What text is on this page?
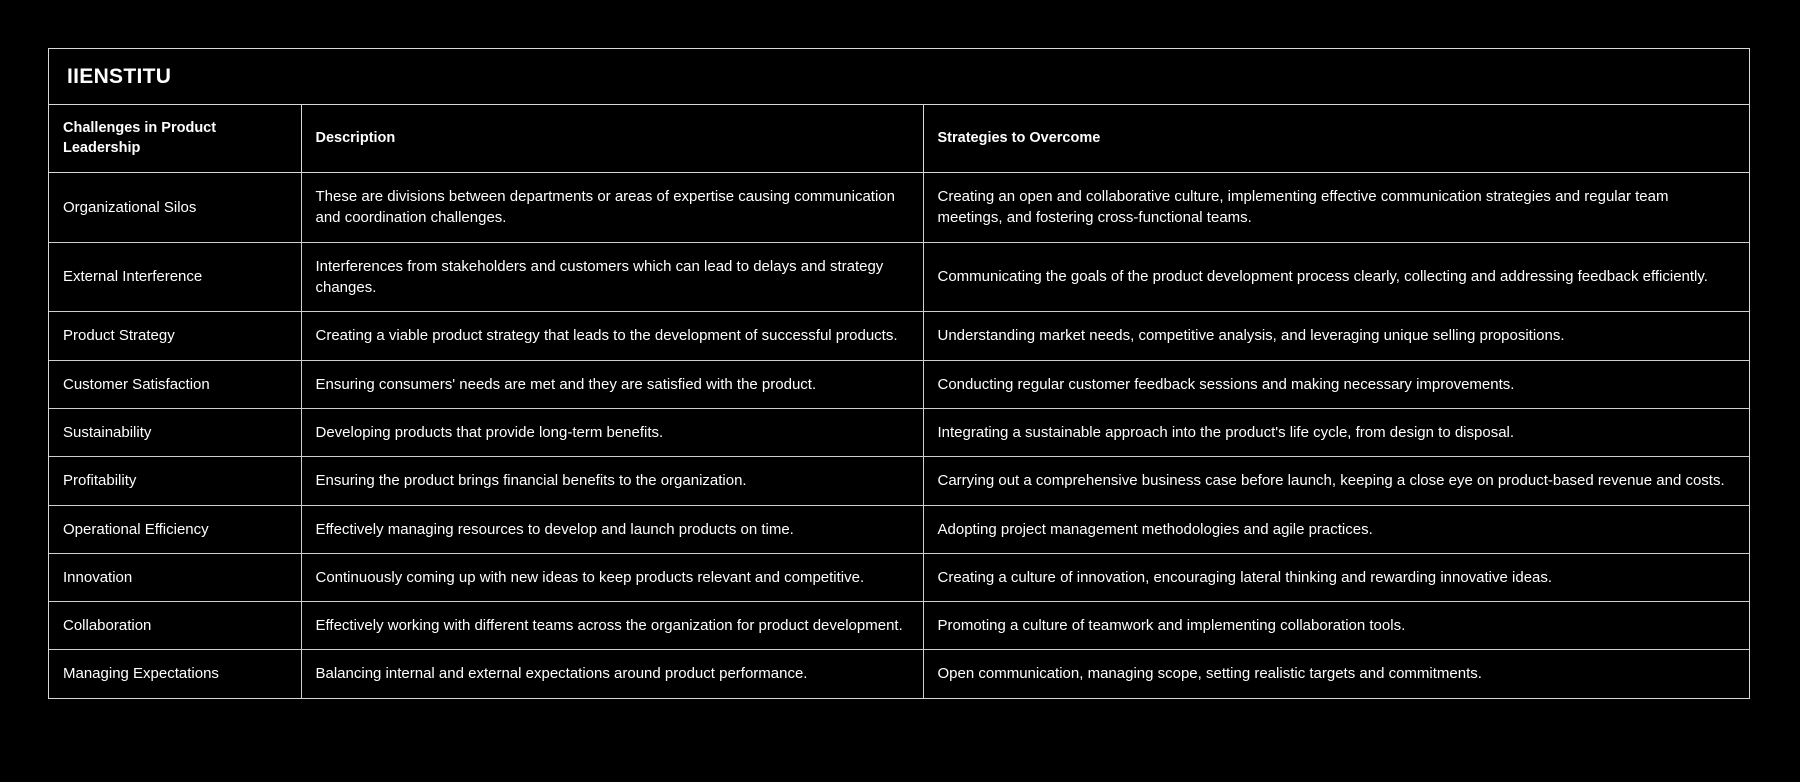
IIENSTITU
Challenges in Product Leadership	Description	Strategies to Overcome
Organizational Silos	These are divisions between departments or areas of expertise causing communication and coordination challenges.	Creating an open and collaborative culture, implementing effective communication strategies and regular team meetings, and fostering cross-functional teams.
External Interference	Interferences from stakeholders and customers which can lead to delays and strategy changes.	Communicating the goals of the product development process clearly, collecting and addressing feedback efficiently.
Product Strategy	Creating a viable product strategy that leads to the development of successful products.	Understanding market needs, competitive analysis, and leveraging unique selling propositions.
Customer Satisfaction	Ensuring consumers' needs are met and they are satisfied with the product.	Conducting regular customer feedback sessions and making necessary improvements.
Sustainability	Developing products that provide long-term benefits.	Integrating a sustainable approach into the product's life cycle, from design to disposal.
Profitability	Ensuring the product brings financial benefits to the organization.	Carrying out a comprehensive business case before launch, keeping a close eye on product-based revenue and costs.
Operational Efficiency	Effectively managing resources to develop and launch products on time.	Adopting project management methodologies and agile practices.
Innovation	Continuously coming up with new ideas to keep products relevant and competitive.	Creating a culture of innovation, encouraging lateral thinking and rewarding innovative ideas.
Collaboration	Effectively working with different teams across the organization for product development.	Promoting a culture of teamwork and implementing collaboration tools.
Managing Expectations	Balancing internal and external expectations around product performance.	Open communication, managing scope, setting realistic targets and commitments.
